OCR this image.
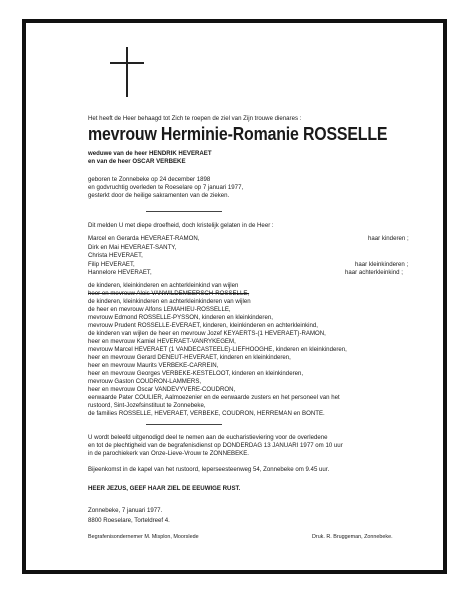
Het heeft de Heer behaagd tot Zich te roepen de ziel van Zijn trouwe dienares :
mevrouw Herminie-Romanie ROSSELLE
weduwe van de heer HENDRIK HEVERAET
en van de heer OSCAR VERBEKE
geboren te Zonnebeke op 24 december 1898
en godvruchtig overleden te Roeselare op 7 januari 1977,
gesterkt door de heilige sakramenten van de zieken.
Dit melden U met diepe droefheid, doch kristelijk gelaten in de Heer :
Marcel en Gerarda HEVERAET-RAMON,	haar kinderen ;
Dirk en Mai HEVERAET-SANTY,
Christa HEVERAET,
Filip HEVERAET,	haar kleinkinderen ;
Hannelore HEVERAET,	haar achterkleinkind ;
de kinderen, kleinkinderen en achterkleinkind van wijlen
heer en mevrouw Alois VANWILDEMEERSCH-ROSSELLE,
de kinderen, kleinkinderen en achterkleinkinderen van wijlen
de heer en mevrouw Alfons LEMAHIEU-ROSSELLE,
mevrouw Edmond ROSSELLE-PYSSON, kinderen en kleinkinderen,
mevrouw Prudent ROSSELLE-EVERAET, kinderen, kleinkinderen en achterkleinkind,
de kinderen van wijlen de heer en mevrouw Jozef KEYAERTS-(1 HEVERAET)-RAMON,
heer en mevrouw Kamiel HEVERAET-VANRYKEGEM,
mevrouw Marcel HEVERAET (1 VANDECASTEELE)-LIEFHOOGHE, kinderen en kleinkinderen,
heer en mevrouw Gerard DENEUT-HEVERAET, kinderen en kleinkinderen,
heer en mevrouw Maurits VERBEKE-CARREIN,
heer en mevrouw Georges VERBEKE-KESTELOOT, kinderen en kleinkinderen,
mevrouw Gaston COUDRON-LAMMERS,
heer en mevrouw Oscar VANDEVYVERE-COUDRON,
eerwaarde Pater COULIER, Aalmoezenier en de eerwaarde zusters en het personeel van het
rustoord, Sint-Jozefsinstituut te Zonnebeke,
de families ROSSELLE, HEVERAET, VERBEKE, COUDRON, HERREMAN en BONTE.
U wordt beleefd uitgenodigd deel te nemen aan de eucharistieviering voor de overledene
en tot de plechtigheid van de begrafenisdienst op DONDERDAG 13 JANUARI 1977 om 10 uur
in de parochiekerk van Onze-Lieve-Vrouw te ZONNEBEKE.
Bijeenkomst in de kapel van het rustoord, Ieperseesteenweg 54, Zonnebeke om 9.45 uur.
HEER JEZUS, GEEF HAAR ZIEL DE EEUWIGE RUST.
Zonnebeke, 7 januari 1977.
8800 Roeselare, Torteldreef 4.
Begrafenisondernemer M. Misplon, Moorslede	Druk. R. Bruggeman, Zonnebeke.
